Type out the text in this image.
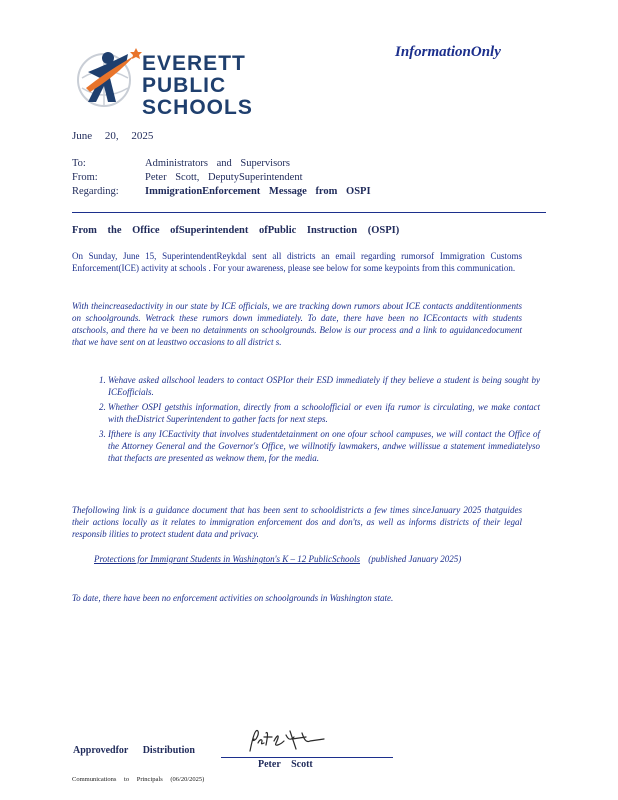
EVERETT
PUBLIC
SCHOOLS
InformationOnly
June 20, 2025
To:	Administrators and Supervisors
From:	Peter Scott, DeputySuperintendent
Regarding:	ImmigrationEnforcement Message from OSPI
From the Office ofSuperintendent ofPublic Instruction (OSPI)
On Sunday, June 15, SuperintendentReykdal sent all districts an email regarding rumorsof Immigration Customs Enforcement(ICE) activity at schools . For your awareness, please see below for some keypoints from this communication.
With theincreasedactivity in our state by ICE officials, we are tracking down rumors about ICE contacts andditentionments on schoolgrounds. Wetrack these rumors down immediately. To date, there have been no ICEcontacts with students atschools, and there ha ve been no detainments on schoolgrounds. Below is our process and a link to aguidancedocument that we have sent on at leasttwo occasions to all district s.
1. Wehave asked allschool leaders to contact OSPIor their ESD immediately if they believe a student is being sought by ICEofficials.
2. Whether OSPI getsthis information, directly from a schoolofficial or even ifa rumor is circulating, we make contact with theDistrict Superintendent to gather facts for next steps.
3. Ifthere is any ICEactivity that involves studentdetainment on one ofour school campuses, we will contact the Office of the Attorney General and the Governor's Office, we willnotify lawmakers, andwe willissue a statement immediatelyso that thefacts are presented as weknow them, for the media.
Thefollowing link is a guidance document that has been sent to schooldistricts a few times sinceJanuary 2025 thatguides their actions locally as it relates to immigration enforcement dos and don'ts, as well as informs districts of their legal responsib ilities to protect student data and privacy.
Protections for Immigrant Students in Washington's K – 12 PublicSchools (published January 2025)
To date, there have been no enforcement activities on schoolgrounds in Washington state.
Approvedfor Distribution
Peter Scott
Communications to Principals (06/20/2025)
